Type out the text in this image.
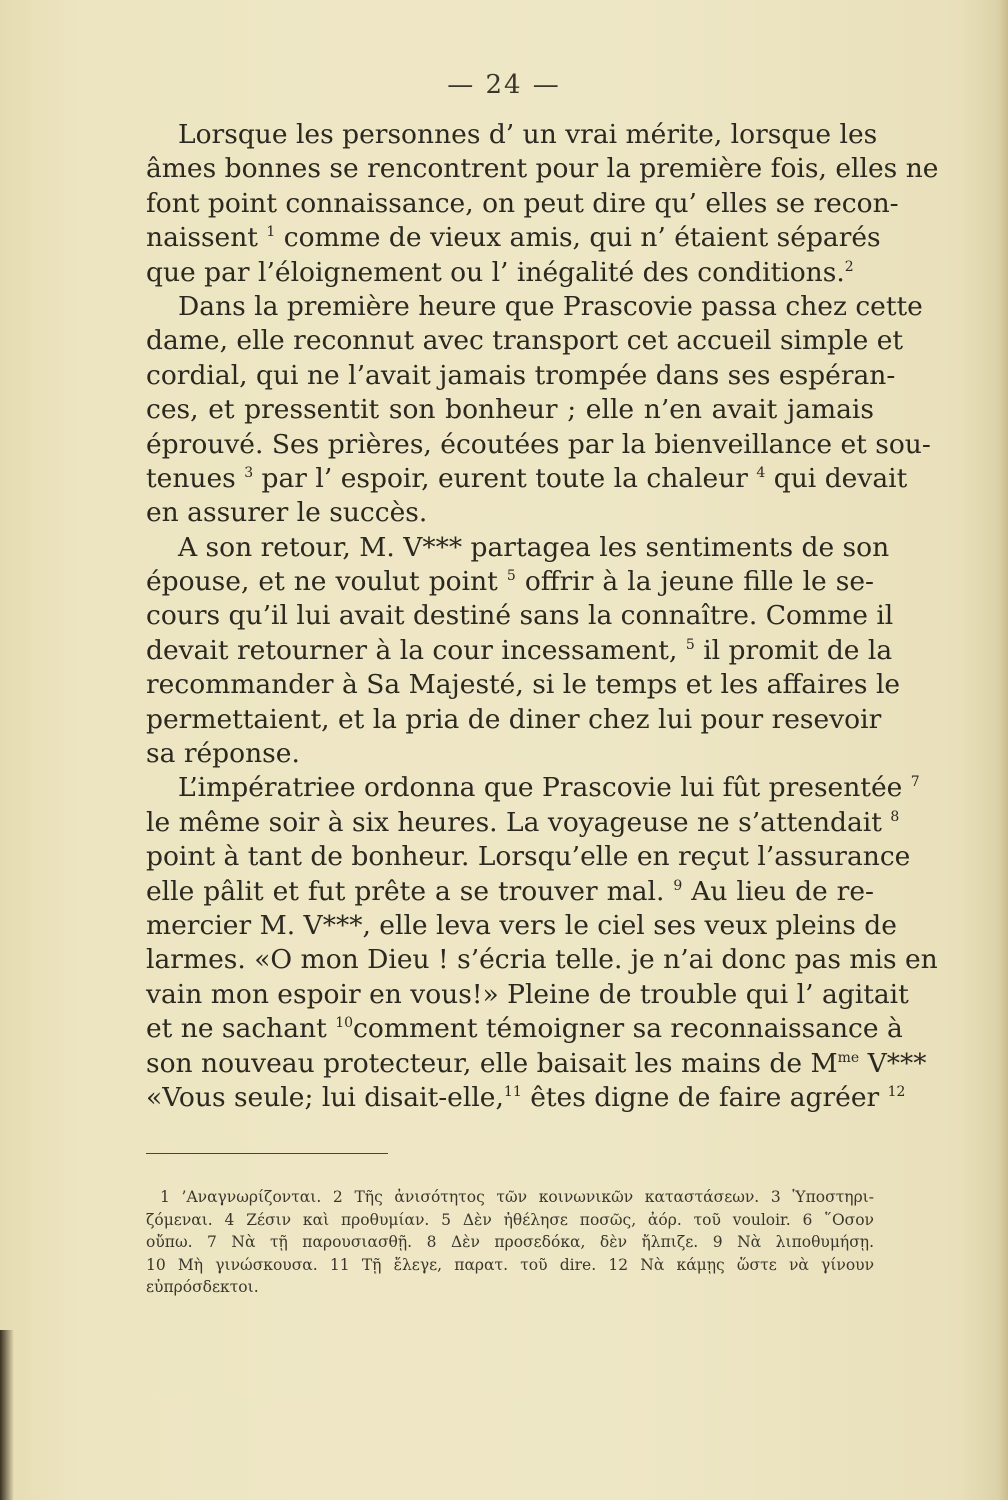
— 24 —
Lorsque les personnes d’ un vrai mérite, lorsque les
âmes bonnes se rencontrent pour la première fois, elles ne
font point connaissance, on peut dire qu’ elles se recon-
naissent $^1$ comme de vieux amis, qui n’ étaient séparés
que par l’éloignement ou l’ inégalité des conditions.$^2$
Dans la première heure que Prascovie passa chez cette
dame, elle reconnut avec transport cet accueil simple et
cordial, qui ne l’avait jamais trompée dans ses espéran-
ces, et pressentit son bonheur ; elle n’en avait jamais
éprouvé. Ses prières, écoutées par la bienveillance et sou-
tenues $^3$ par l’ espoir, eurent toute la chaleur $^4$ qui devait
en assurer le succès.
A son retour, M. V*** partagea les sentiments de son
épouse, et ne voulut point $^5$ offrir à la jeune fille le se-
cours qu’il lui avait destiné sans la connaître. Comme il
devait retourner à la cour incessament, $^5$ il promit de la
recommander à Sa Majesté, si le temps et les affaires le
permettaient, et la pria de diner chez lui pour resevoir
sa réponse.
L’impératriee ordonna que Prascovie lui fût presentée $^7$
le même soir à six heures. La voyageuse ne s’attendait $^8$
point à tant de bonheur. Lorsqu’elle en reçut l’assurance
elle pâlit et fut prête a se trouver mal. $^9$ Au lieu de re-
mercier M. V***, elle leva vers le ciel ses veux pleins de
larmes. «O mon Dieu ! s’écria telle. je n’ai donc pas mis en
vain mon espoir en vous!» Pleine de trouble qui l’ agitait
et ne sachant $^{10}$comment témoigner sa reconnaissance à
son nouveau protecteur, elle baisait les mains de $M^{me}$ V***
«Vous seule; lui disait-elle,$^{11}$ êtes digne de faire agréer $^{12}$
1 ’Αναγνωρίζονται. 2 Τῆς ἀνισότητος τῶν κοινωνικῶν καταστάσεων. 3 Ὑποστηρι-
ζόμεναι. 4 Ζέσιν καὶ προθυμίαν. 5 Δὲν ἠθέλησε ποσῶς, ἀόρ. τοῦ vouloir. 6 ῞Οσον
οὔπω. 7 Νὰ τῇ παρουσιασθῇ. 8 Δὲν προσεδόκα, δὲν ἤλπιζε. 9 Νὰ λιποθυμήσῃ.
10 Μὴ γινώσκουσα. 11 Τῇ ἔλεγε, παρατ. τοῦ dire. 12 Νὰ κάμῃς ὥστε νὰ γίνουν
εὐπρόσδεκτοι.
